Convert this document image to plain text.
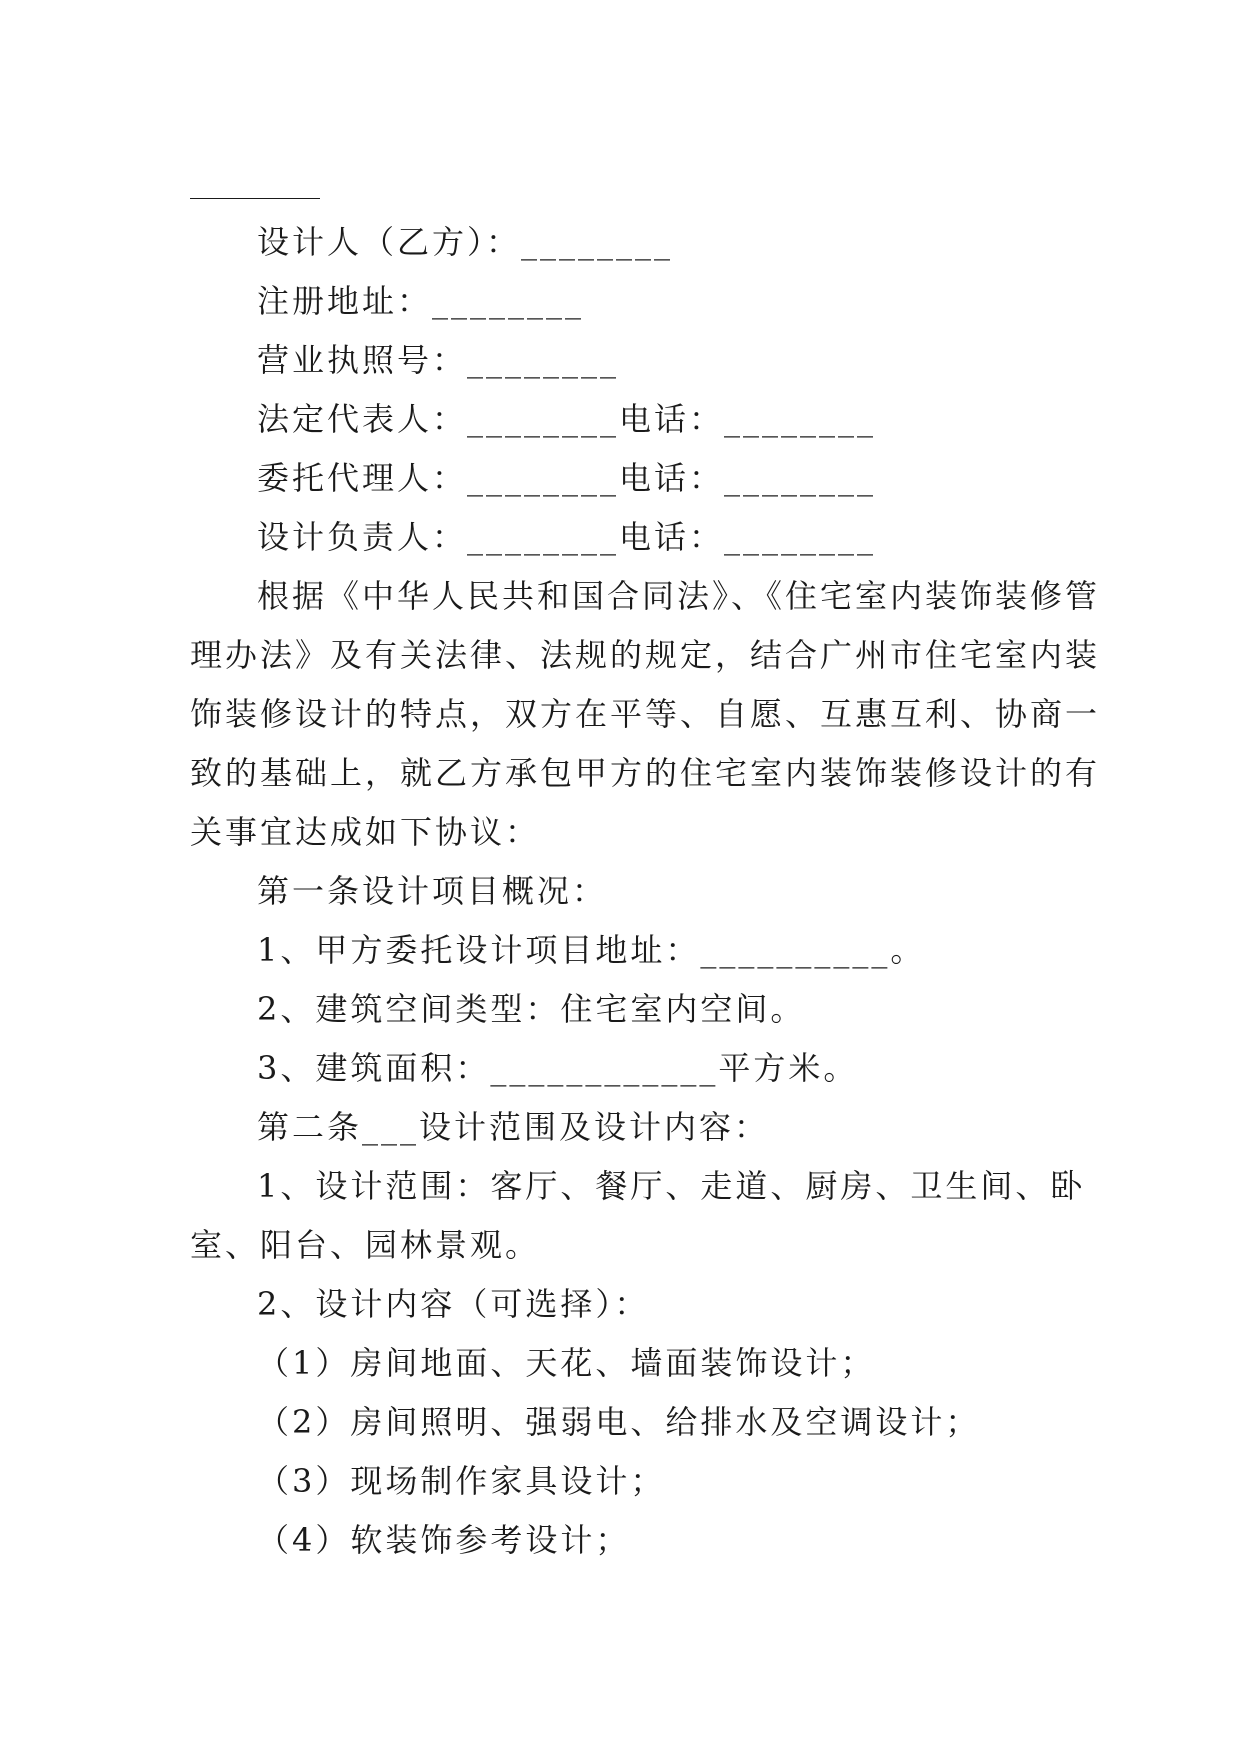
设计人（乙方）：________
注册地址：________
营业执照号：________
法定代表人：________电话：________
委托代理人：________电话：________
设计负责人：________电话：________
根据《中华人民共和国合同法》、《住宅室内装饰装修管
理办法》及有关法律、法规的规定，结合广州市住宅室内装
饰装修设计的特点，双方在平等、自愿、互惠互利、协商一
致的基础上，就乙方承包甲方的住宅室内装饰装修设计的有
关事宜达成如下协议：
第一条设计项目概况：
1、甲方委托设计项目地址：__________。
2、建筑空间类型：住宅室内空间。
3、建筑面积：____________平方米。
第二条___设计范围及设计内容：
1、设计范围：客厅、餐厅、走道、厨房、卫生间、卧
室、阳台、园林景观。
2、设计内容（可选择）：
（1）房间地面、天花、墙面装饰设计；
（2）房间照明、强弱电、给排水及空调设计；
（3）现场制作家具设计；
（4）软装饰参考设计；
